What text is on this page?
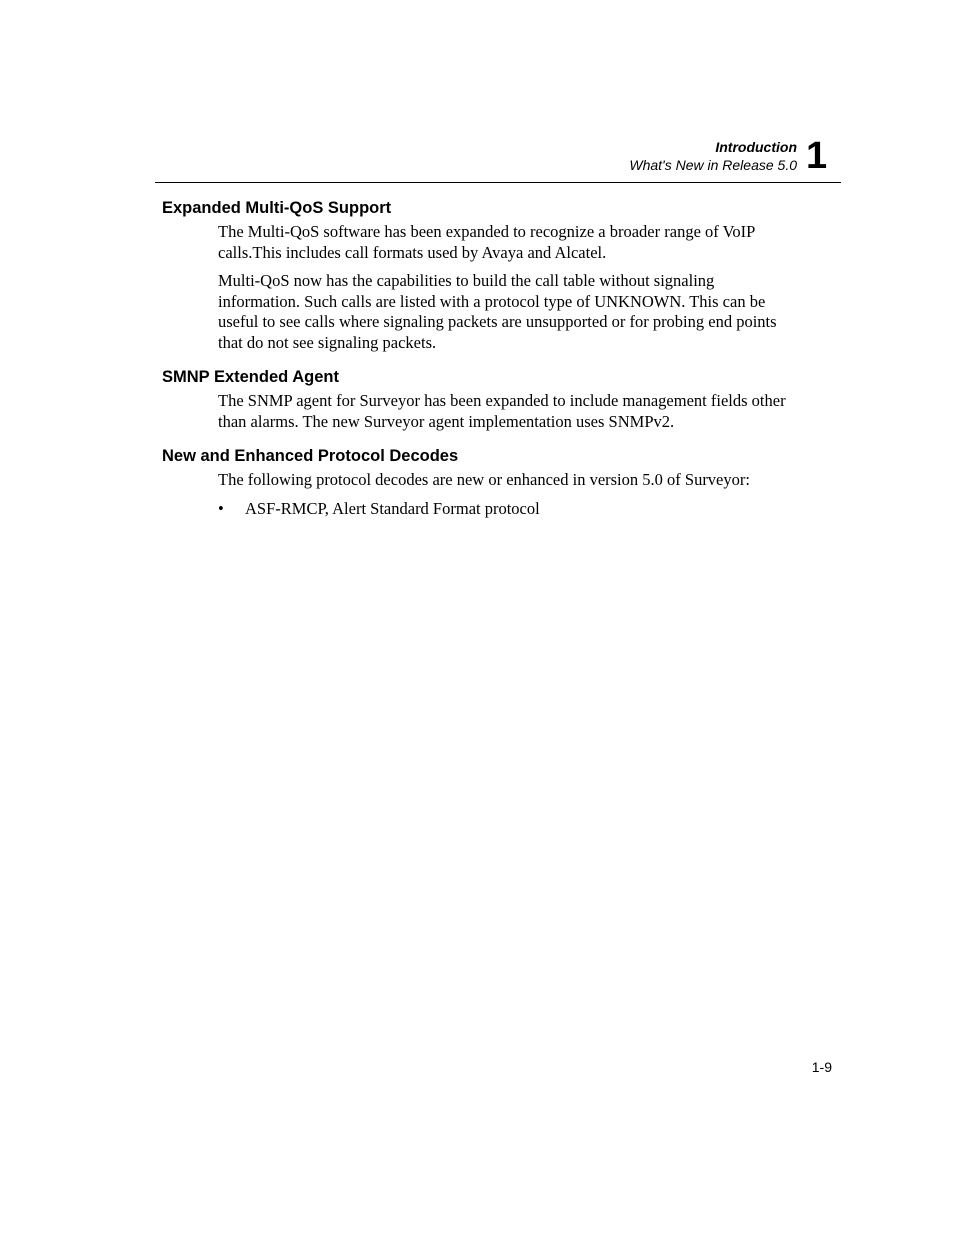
Introduction
What's New in Release 5.0 1
Expanded Multi-QoS Support

The Multi-QoS software has been expanded to recognize a broader range of VoIP calls.This includes call formats used by Avaya and Alcatel.

Multi-QoS now has the capabilities to build the call table without signaling information. Such calls are listed with a protocol type of UNKNOWN. This can be useful to see calls where signaling packets are unsupported or for probing end points that do not see signaling packets.

SMNP Extended Agent

The SNMP agent for Surveyor has been expanded to include management fields other than alarms. The new Surveyor agent implementation uses SNMPv2.

New and Enhanced Protocol Decodes

The following protocol decodes are new or enhanced in version 5.0 of Surveyor:

• ASF-RMCP, Alert Standard Format protocol
1-9
